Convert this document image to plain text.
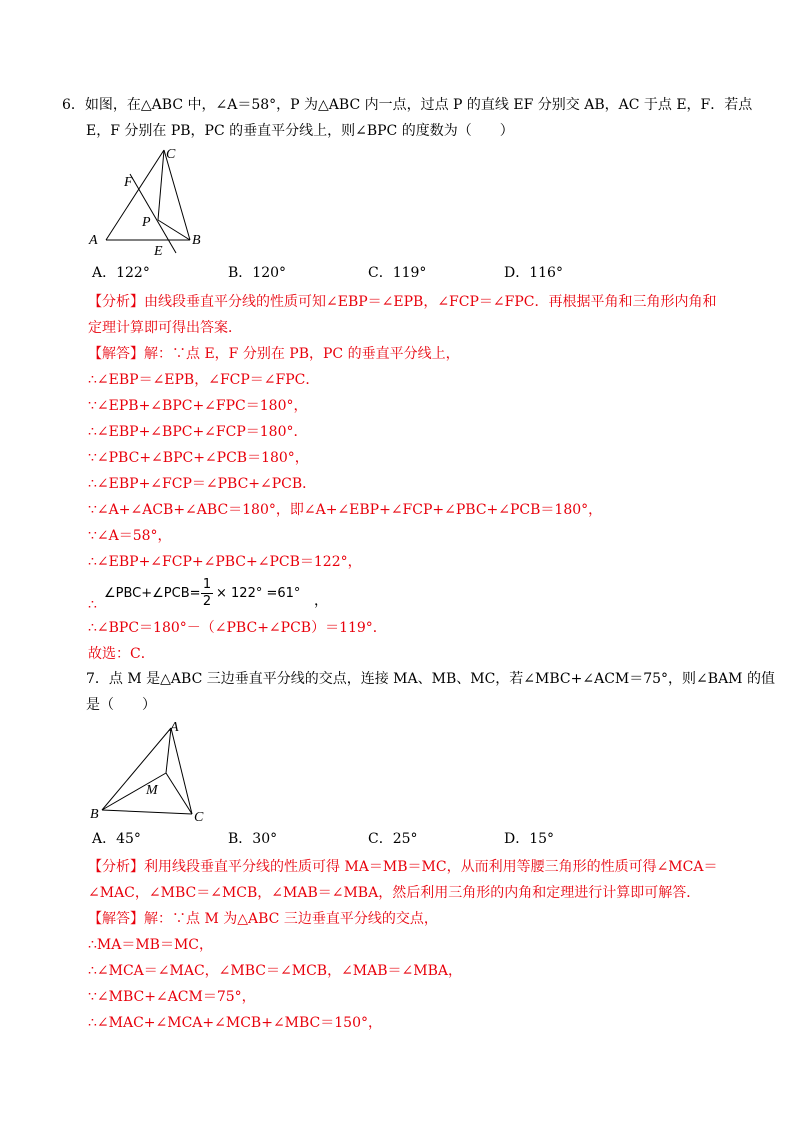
6．如图，在△ABC 中，∠A＝58°，P 为△ABC 内一点，过点 P 的直线 EF 分别交 AB，AC 于点 E，F．若点
E，F 分别在 PB，PC 的垂直平分线上，则∠BPC 的度数为（　　）
A	B
C
E
F
P
A．122°	B．120°	C．119°	D．116°
【分析】由线段垂直平分线的性质可知∠EBP＝∠EPB，∠FCP＝∠FPC．再根据平角和三角形内角和
定理计算即可得出答案．
【解答】解：∵点 E，F 分别在 PB，PC 的垂直平分线上，
∴∠EBP＝∠EPB，∠FCP＝∠FPC．
∵∠EPB+∠BPC+∠FPC＝180°，
∴∠EBP+∠BPC+∠FCP＝180°．
∵∠PBC+∠BPC+∠PCB＝180°，
∴∠EBP+∠FCP＝∠PBC+∠PCB．
∵∠A+∠ACB+∠ABC＝180°，即∠A+∠EBP+∠FCP+∠PBC+∠PCB＝180°，
∵∠A＝58°，
∴∠EBP+∠FCP+∠PBC+∠PCB＝122°，
∴
∠PBC+∠PCB=
1
2
× 122° =61° ，
∴∠BPC＝180°－（∠PBC+∠PCB）＝119°．
故选：C．
7．点 M 是△ABC 三边垂直平分线的交点，连接 MA、MB、MC，若∠MBC+∠ACM＝75°，则∠BAM 的值
是（　　）
A
B	C
M
A．45°	B．30°	C．25°	D．15°
【分析】利用线段垂直平分线的性质可得 MA＝MB＝MC，从而利用等腰三角形的性质可得∠MCA＝
∠MAC，∠MBC＝∠MCB，∠MAB＝∠MBA，然后利用三角形的内角和定理进行计算即可解答．
【解答】解：∵点 M 为△ABC 三边垂直平分线的交点，
∴MA＝MB＝MC，
∴∠MCA＝∠MAC，∠MBC＝∠MCB，∠MAB＝∠MBA，
∵∠MBC+∠ACM＝75°，
∴∠MAC+∠MCA+∠MCB+∠MBC＝150°，
